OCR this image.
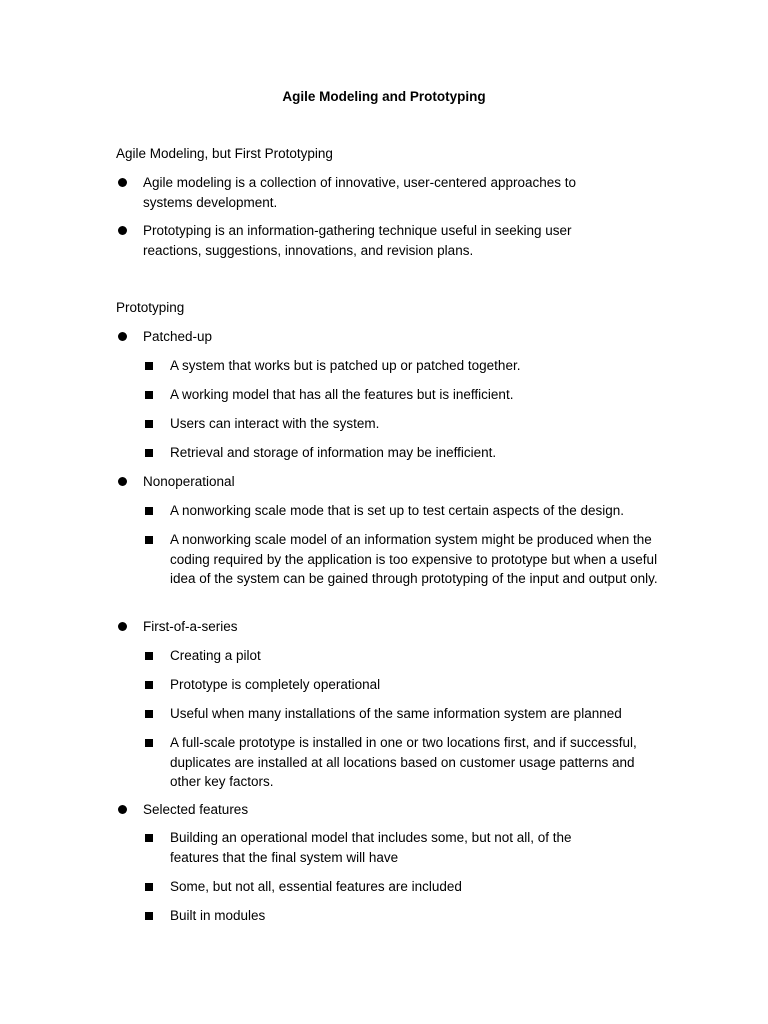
Agile Modeling and Prototyping
Agile Modeling, but First Prototyping
Agile modeling is a collection of innovative, user-centered approaches to systems development.
Prototyping is an information-gathering technique useful in seeking user reactions, suggestions, innovations, and revision plans.
Prototyping
Patched-up
A system that works but is patched up or patched together.
A working model that has all the features but is inefficient.
Users can interact with the system.
Retrieval and storage of information may be inefficient.
Nonoperational
A nonworking scale mode that is set up to test certain aspects of the design.
A nonworking scale model of an information system might be produced when the coding required by the application is too expensive to prototype but when a useful idea of the system can be gained through prototyping of the input and output only.
First-of-a-series
Creating a pilot
Prototype is completely operational
Useful when many installations of the same information system are planned
A full-scale prototype is installed in one or two locations first, and if successful, duplicates are installed at all locations based on customer usage patterns and other key factors.
Selected features
Building an operational model that includes some, but not all, of the features that the final system will have
Some, but not all, essential features are included
Built in modules
